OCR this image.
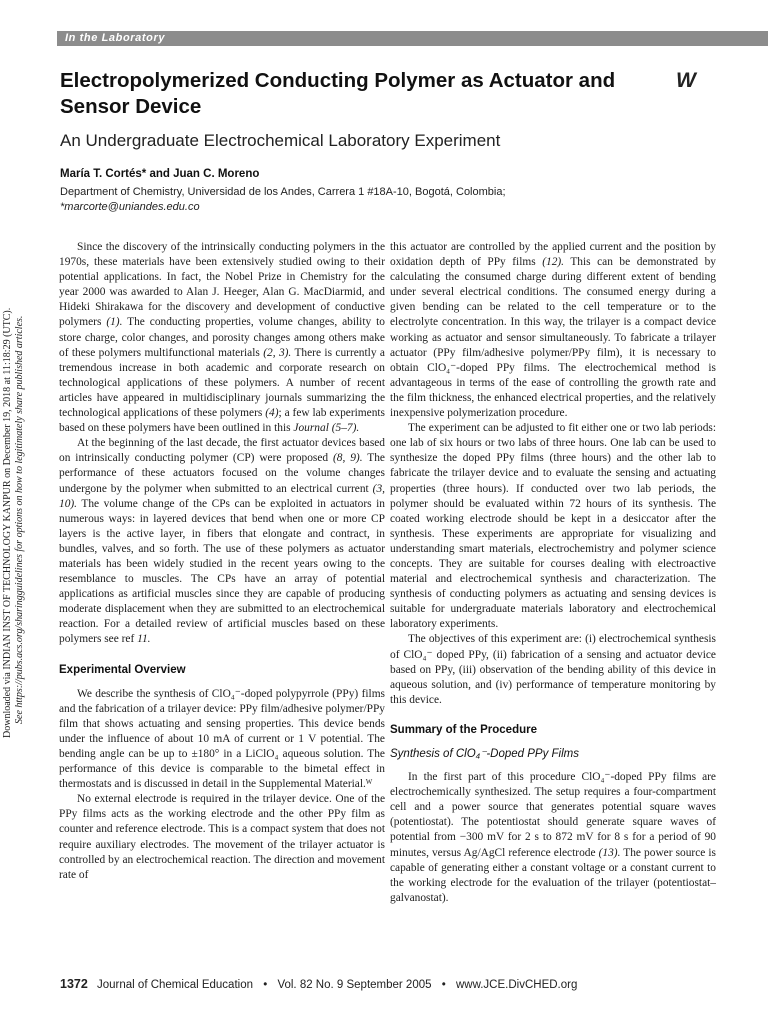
In the Laboratory
Electropolymerized Conducting Polymer as Actuator and Sensor Device
W
An Undergraduate Electrochemical Laboratory Experiment
María T. Cortés* and Juan C. Moreno
Department of Chemistry, Universidad de los Andes, Carrera 1 #18A-10, Bogotá, Colombia;
*marcorte@uniandes.edu.co
Downloaded via INDIAN INST OF TECHNOLOGY KANPUR on December 19, 2018 at 11:18:29 (UTC). See https://pubs.acs.org/sharingguidelines for options on how to legitimately share published articles.

Since the discovery of the intrinsically conducting polymers in the 1970s, these materials have been extensively studied owing to their potential applications. In fact, the Nobel Prize in Chemistry for the year 2000 was awarded to Alan J. Heeger, Alan G. MacDiarmid, and Hideki Shirakawa for the discovery and development of conductive polymers (1). The conducting properties, volume changes, ability to store charge, color changes, and porosity changes among others make of these polymers multifunctional materials (2, 3). There is currently a tremendous increase in both academic and corporate research on technological applications of these polymers. A number of recent articles have appeared in multidisciplinary journals summarizing the technological applications of these polymers (4); a few lab experiments based on these polymers have been outlined in this Journal (5–7).

At the beginning of the last decade, the first actuator devices based on intrinsically conducting polymer (CP) were proposed (8, 9). The performance of these actuators focused on the volume changes undergone by the polymer when submitted to an electrical current (3, 10). The volume change of the CPs can be exploited in actuators in numerous ways: in layered devices that bend when one or more CP layers is the active layer, in fibers that elongate and contract, in bundles, valves, and so forth. The use of these polymers as actuator materials has been widely studied in the recent years owing to the resemblance to muscles. The CPs have an array of potential applications as artificial muscles since they are capable of producing moderate displacement when they are submitted to an electrochemical reaction. For a detailed review of artificial muscles based on these polymers see ref 11.

Experimental Overview

We describe the synthesis of ClO₄⁻-doped polypyrrole (PPy) films and the fabrication of a trilayer device: PPy film/adhesive polymer/PPy film that shows actuating and sensing properties. This device bends under the influence of about 10 mA of current or 1 V potential. The bending angle can be up to ±180° in a LiClO₄ aqueous solution. The performance of this device is comparable to the bimetal effect in thermostats and is discussed in detail in the Supplemental Material.ᵂ

No external electrode is required in the trilayer device. One of the PPy films acts as the working electrode and the other PPy film as counter and reference electrode. This is a compact system that does not require auxiliary electrodes. The movement of the trilayer actuator is controlled by an electrochemical reaction. The direction and movement rate of

this actuator are controlled by the applied current and the position by oxidation depth of PPy films (12). This can be demonstrated by calculating the consumed charge during different extent of bending under several electrical conditions. The consumed energy during a given bending can be related to the cell temperature or to the electrolyte concentration. In this way, the trilayer is a compact device working as actuator and sensor simultaneously. To fabricate a trilayer actuator (PPy film/adhesive polymer/PPy film), it is necessary to obtain ClO₄⁻-doped PPy films. The electrochemical method is advantageous in terms of the ease of controlling the growth rate and the film thickness, the enhanced electrical properties, and the relatively inexpensive polymerization procedure.

The experiment can be adjusted to fit either one or two lab periods: one lab of six hours or two labs of three hours. One lab can be used to synthesize the doped PPy films (three hours) and the other lab to fabricate the trilayer device and to evaluate the sensing and actuating properties (three hours). If conducted over two lab periods, the polymer should be evaluated within 72 hours of its synthesis. The coated working electrode should be kept in a desiccator after the synthesis. These experiments are appropriate for visualizing and understanding smart materials, electrochemistry and polymer science concepts. They are suitable for courses dealing with electroactive material and electrochemical synthesis and characterization. The synthesis of conducting polymers as actuating and sensing devices is suitable for undergraduate materials laboratory and electrochemical laboratory experiments.

The objectives of this experiment are: (i) electrochemical synthesis of ClO₄⁻ doped PPy, (ii) fabrication of a sensing and actuator device based on PPy, (iii) observation of the bending ability of this device in aqueous solution, and (iv) performance of temperature monitoring by this device.

Summary of the Procedure
Synthesis of ClO₄⁻-Doped PPy Films

In the first part of this procedure ClO₄⁻-doped PPy films are electrochemically synthesized. The setup requires a four-compartment cell and a power source that generates potential square waves (potentiostat). The potentiostat should generate square waves of potential from −300 mV for 2 s to 872 mV for 8 s for a period of 90 minutes, versus Ag/AgCl reference electrode (13). The power source is capable of generating either a constant voltage or a constant current to the working electrode for the evaluation of the trilayer (potentiostat–galvanostat).

1372 Journal of Chemical Education • Vol. 82 No. 9 September 2005 • www.JCE.DivCHED.org
